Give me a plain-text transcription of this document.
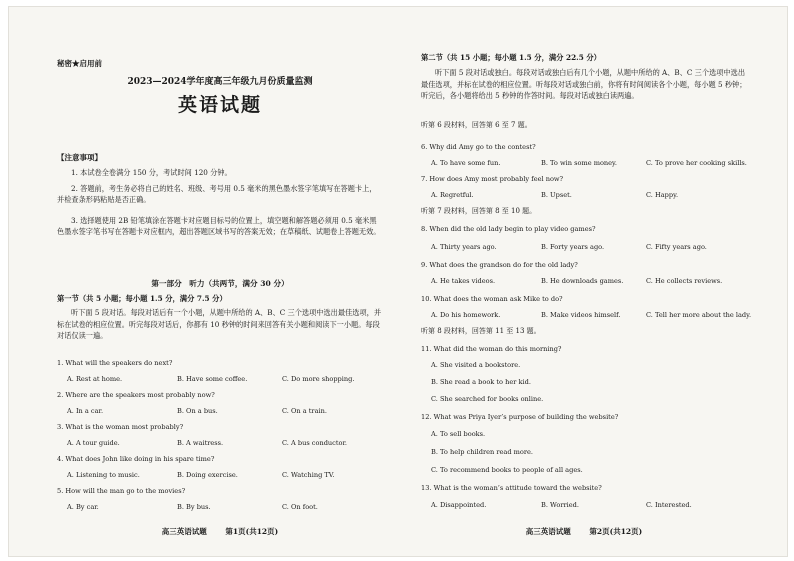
秘密★启用前
2023—2024学年度高三年级九月份质量监测
英语试题
【注意事项】
1. 本试卷全卷满分 150 分，考试时间 120 分钟。
2. 答题前，考生务必将自己的姓名、班级、考号用 0.5 毫米的黑色墨水签字笔填写在答题卡上，并检查条形码粘贴是否正确。
3. 选择题使用 2B 铅笔填涂在答题卡对应题目标号的位置上，填空题和解答题必须用 0.5 毫米黑色墨水签字笔书写在答题卡对应框内，超出答题区域书写的答案无效；在草稿纸、试题卷上答题无效。
第一部分　听力（共两节，满分 30 分）
第一节（共 5 小题；每小题 1.5 分，满分 7.5 分）
听下面 5 段对话。每段对话后有一个小题，从题中所给的 A、B、C 三个选项中选出最佳选项，并标在试卷的相应位置。听完每段对话后，你都有 10 秒钟的时间来回答有关小题和阅读下一小题。每段对话仅读一遍。
1. What will the speakers do next?
A. Rest at home.	B. Have some coffee.	C. Do more shopping.
2. Where are the speakers most probably now?
A. In a car.	B. On a bus.	C. On a train.
3. What is the woman most probably?
A. A tour guide.	B. A waitress.	C. A bus conductor.
4. What does John like doing in his spare time?
A. Listening to music.	B. Doing exercise.	C. Watching TV.
5. How will the man go to the movies?
A. By car.	B. By bus.	C. On foot.
高三英语试题 第1页(共12页)
第二节（共 15 小题；每小题 1.5 分，满分 22.5 分）
听下面 5 段对话或独白。每段对话或独白后有几个小题，从题中所给的 A、B、C 三个选项中选出最佳选项，并标在试卷的相应位置。听每段对话或独白前，你将有时间阅读各个小题，每小题 5 秒钟；听完后，各小题将给出 5 秒钟的作答时间。每段对话或独白读两遍。
听第 6 段材料，回答第 6 至 7 题。
6. Why did Amy go to the contest?
A. To have some fun.	B. To win some money.	C. To prove her cooking skills.
7. How does Amy most probably feel now?
A. Regretful.	B. Upset.	C. Happy.
听第 7 段材料，回答第 8 至 10 题。
8. When did the old lady begin to play video games?
A. Thirty years ago.	B. Forty years ago.	C. Fifty years ago.
9. What does the grandson do for the old lady?
A. He takes videos.	B. He downloads games.	C. He collects reviews.
10. What does the woman ask Mike to do?
A. Do his homework.	B. Make videos himself.	C. Tell her more about the lady.
听第 8 段材料，回答第 11 至 13 题。
11. What did the woman do this morning?
A. She visited a bookstore.
B. She read a book to her kid.
C. She searched for books online.
12. What was Priya Iyer’s purpose of building the website?
A. To sell books.
B. To help children read more.
C. To recommend books to people of all ages.
13. What is the woman’s attitude toward the website?
A. Disappointed.	B. Worried.	C. Interested.
高三英语试题 第2页(共12页)
